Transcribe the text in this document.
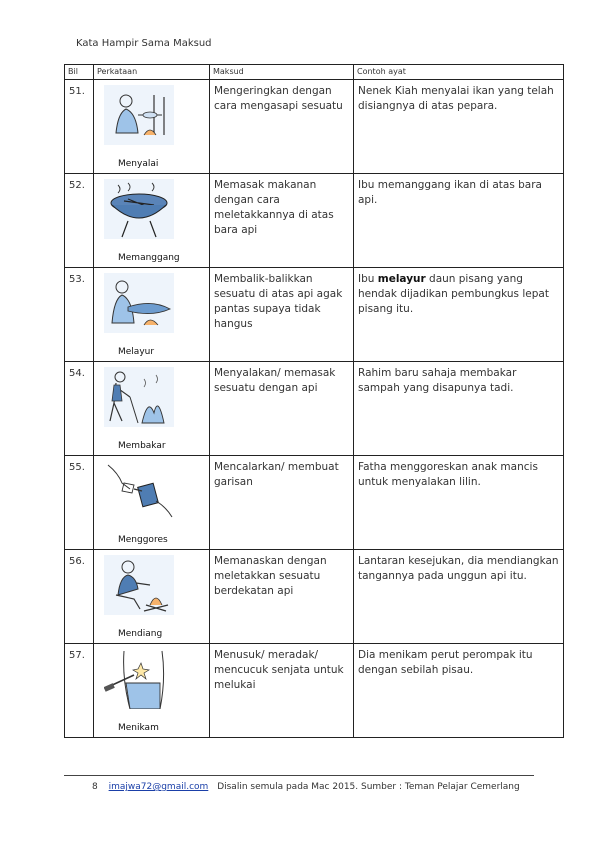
Kata Hampir Sama Maksud
Bil	Perkataan	Maksud	Contoh ayat
51.	Menyalai	Mengeringkan dengan cara mengasapi sesuatu	Nenek Kiah menyalai ikan yang telah disiangnya di atas pepara.
52.	Memanggang	Memasak makanan dengan cara meletakkannya di atas bara api	Ibu memanggang ikan di atas bara api.
53.	Melayur	Membalik-balikkan sesuatu di atas api agak pantas supaya tidak hangus	Ibu melayur daun pisang yang hendak dijadikan pembungkus lepat pisang itu.
54.	Membakar	Menyalakan/ memasak sesuatu dengan api	Rahim baru sahaja membakar sampah yang disapunya tadi.
55.	Menggores	Mencalarkan/ membuat garisan	Fatha menggoreskan anak mancis untuk menyalakan lilin.
56.	Mendiang	Memanaskan dengan meletakkan sesuatu berdekatan api	Lantaran kesejukan, dia mendiangkan tangannya pada unggun api itu.
57.	Menikam	Menusuk/ meradak/ mencucuk senjata untuk melukai	Dia menikam perut perompak itu dengan sebilah pisau.
8 imajwa72@gmail.com Disalin semula pada Mac 2015. Sumber : Teman Pelajar Cemerlang
